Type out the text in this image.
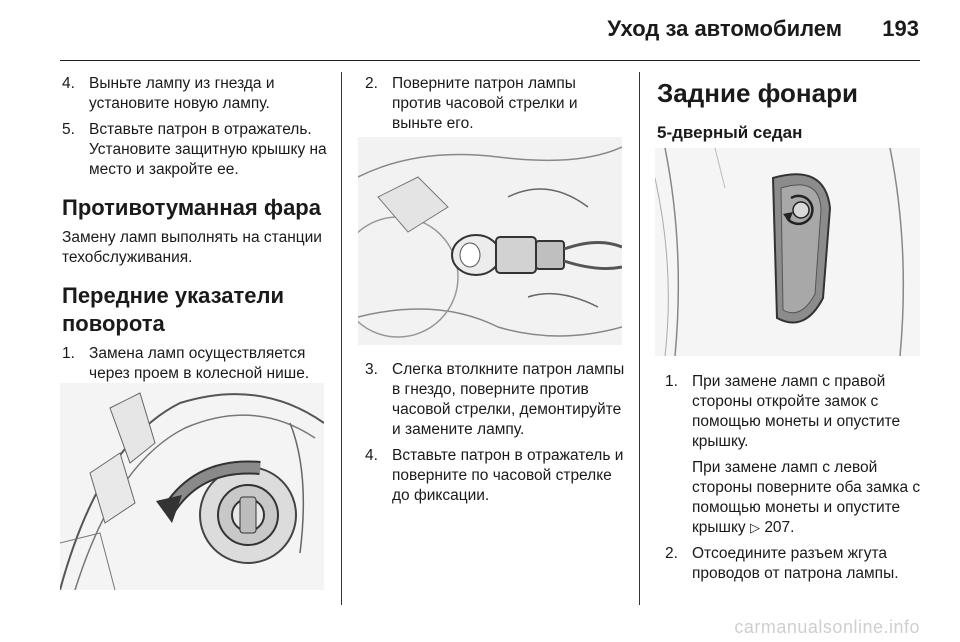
Уход за автомобилем 193
4. Выньте лампу из гнезда и установите новую лампу.

5. Вставьте патрон в отражатель. Установите защитную крышку на место и закройте ее.

Противотуманная фара
Замену ламп выполнять на станции техобслуживания.
Передние указатели поворота
1. Замена ламп осуществляется через проем в колесной нише.

2. Поверните патрон лампы против часовой стрелки и выньте его.

3. Слегка втолкните патрон лампы в гнездо, поверните против часовой стрелки, демонтируйте и замените лампу.

4. Вставьте патрон в отражатель и поверните по часовой стрелке до фиксации.

Задние фонари
5-дверный седан
1. При замене ламп с правой стороны откройте замок с помощью монеты и опустите крышку.

При замене ламп с левой стороны поверните оба замка с помощью монеты и опустите крышку ▷ 207.

2. Отсоедините разъем жгута проводов от патрона лампы.

carmanualsonline.info
